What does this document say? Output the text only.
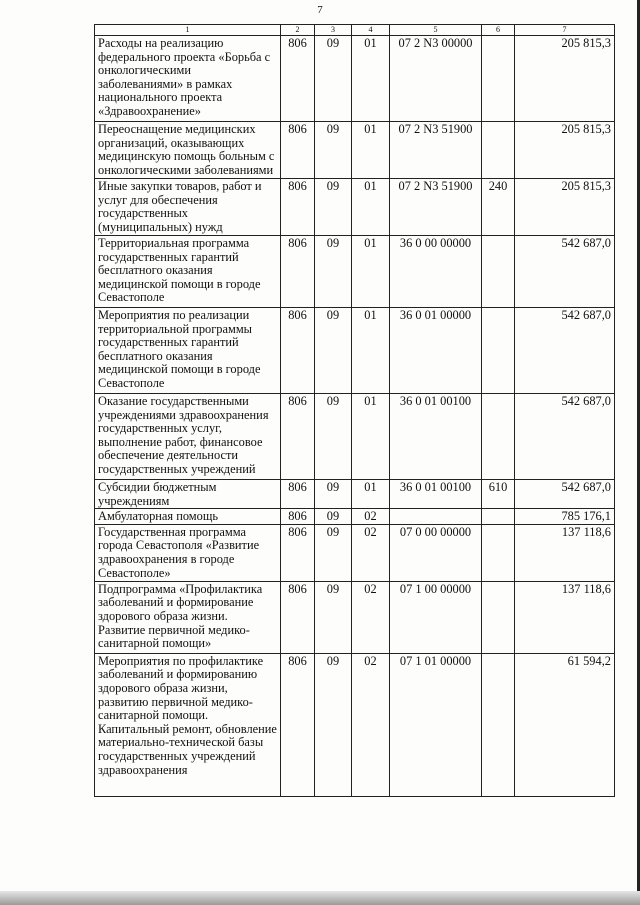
7
1	2	3	4	5	6	7
Расходы на реализацию федерального проекта «Борьба с онкологическими заболеваниями» в рамках национального проекта «Здравоохранение»	806	09	01	07 2 N3 00000		205 815,3
Переоснащение медицинских организаций, оказывающих медицинскую помощь больным с онкологическими заболеваниями	806	09	01	07 2 N3 51900		205 815,3
Иные закупки товаров, работ и услуг для обеспечения государственных (муниципальных) нужд	806	09	01	07 2 N3 51900	240	205 815,3
Территориальная программа государственных гарантий бесплатного оказания медицинской помощи в городе Севастополе	806	09	01	36 0 00 00000		542 687,0
Мероприятия по реализации территориальной программы государственных гарантий бесплатного оказания медицинской помощи в городе Севастополе	806	09	01	36 0 01 00000		542 687,0
Оказание государственными учреждениями здравоохранения государственных услуг, выполнение работ, финансовое обеспечение деятельности государственных учреждений	806	09	01	36 0 01 00100		542 687,0
Субсидии бюджетным учреждениям	806	09	01	36 0 01 00100	610	542 687,0
Амбулаторная помощь	806	09	02			785 176,1
Государственная программа города Севастополя «Развитие здравоохранения в городе Севастополе»	806	09	02	07 0 00 00000		137 118,6
Подпрограмма «Профилактика заболеваний и формирование здорового образа жизни. Развитие первичной медико-санитарной помощи»	806	09	02	07 1 00 00000		137 118,6
Мероприятия по профилактике заболеваний и формированию здорового образа жизни, развитию первичной медико-санитарной помощи. Капитальный ремонт, обновление материально-технической базы государственных учреждений здравоохранения	806	09	02	07 1 01 00000		61 594,2
